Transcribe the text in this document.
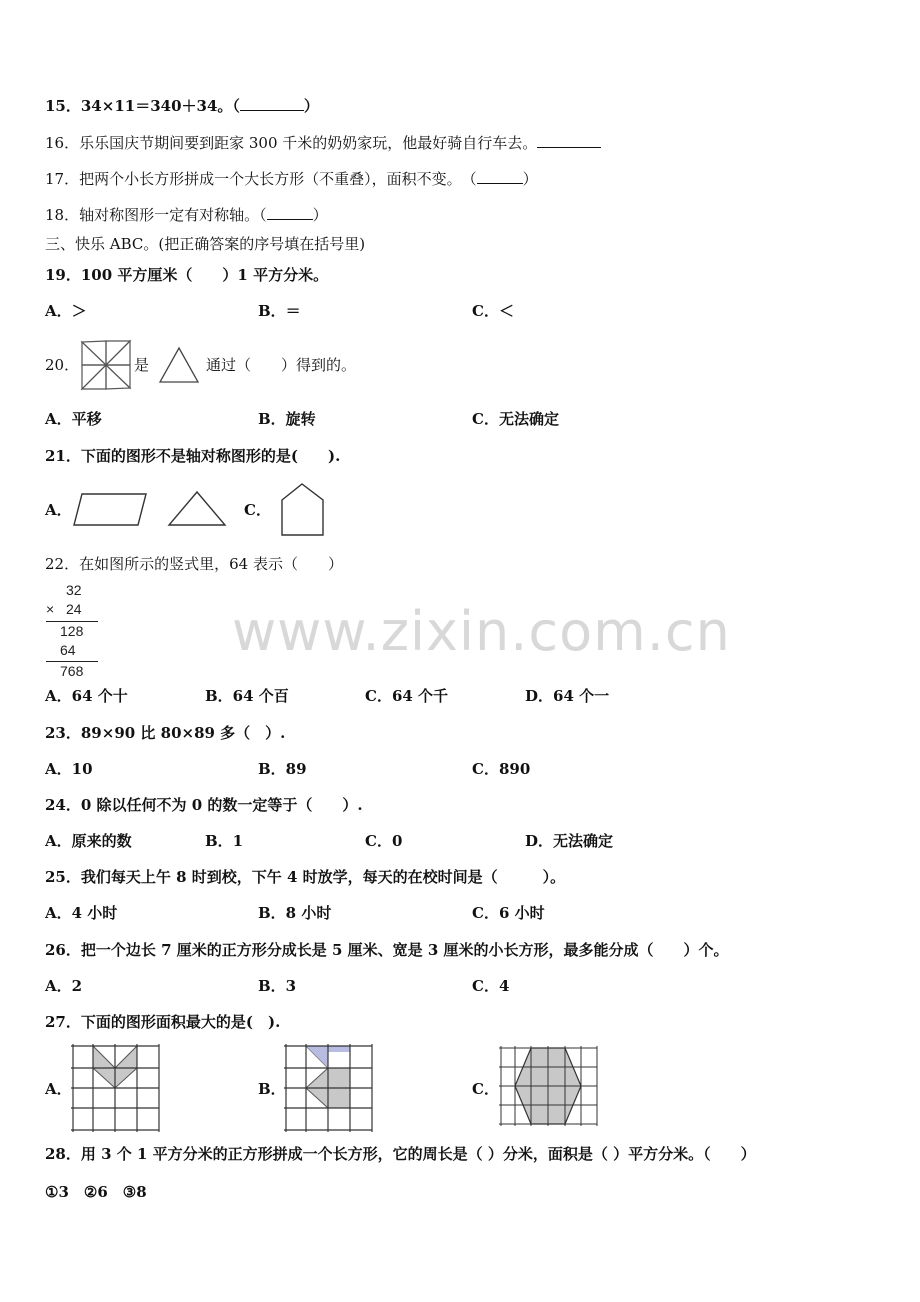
www.zixin.com.cn
15．34×11＝340＋34。（	）
16．乐乐国庆节期间要到距家 300 千米的奶奶家玩，他最好骑自行车去。
17．把两个小长方形拼成一个大长方形（不重叠），面积不变。　（	）
18．轴对称图形一定有对称轴。（	）
三、快乐 ABC。(把正确答案的序号填在括号里)
19．100 平方厘米（　　）1 平方分米。
A．＞	B．＝	C．＜
20．	是	通过（　　）得到的。
A．平移	B．旋转	C．无法确定
21．下面的图形不是轴对称图形的是(　　).
A．	C．
22．在如图所示的竖式里，64 表示（　　）
32
× 24
128
64
768
A．64 个十	B．64 个百	C．64 个千	D．64 个一
23．89×90 比 80×89 多（　）.
A．10	B．89	C．890
24．0 除以任何不为 0 的数一定等于（　　）.
A．原来的数	B．1	C．0	D．无法确定
25．我们每天上午 8 时到校，下午 4 时放学，每天的在校时间是（　　　）。
A．4 小时	B．8 小时	C．6 小时
26．把一个边长 7 厘米的正方形分成长是 5 厘米、宽是 3 厘米的小长方形，最多能分成（　　）个。
A．2	B．3	C．4
27．下面的图形面积最大的是(　).
A．	B．	C．
28．用 3 个 1 平方分米的正方形拼成一个长方形，它的周长是（ ）分米，面积是（ ）平方分米。（　　）
①3　②6　③8
